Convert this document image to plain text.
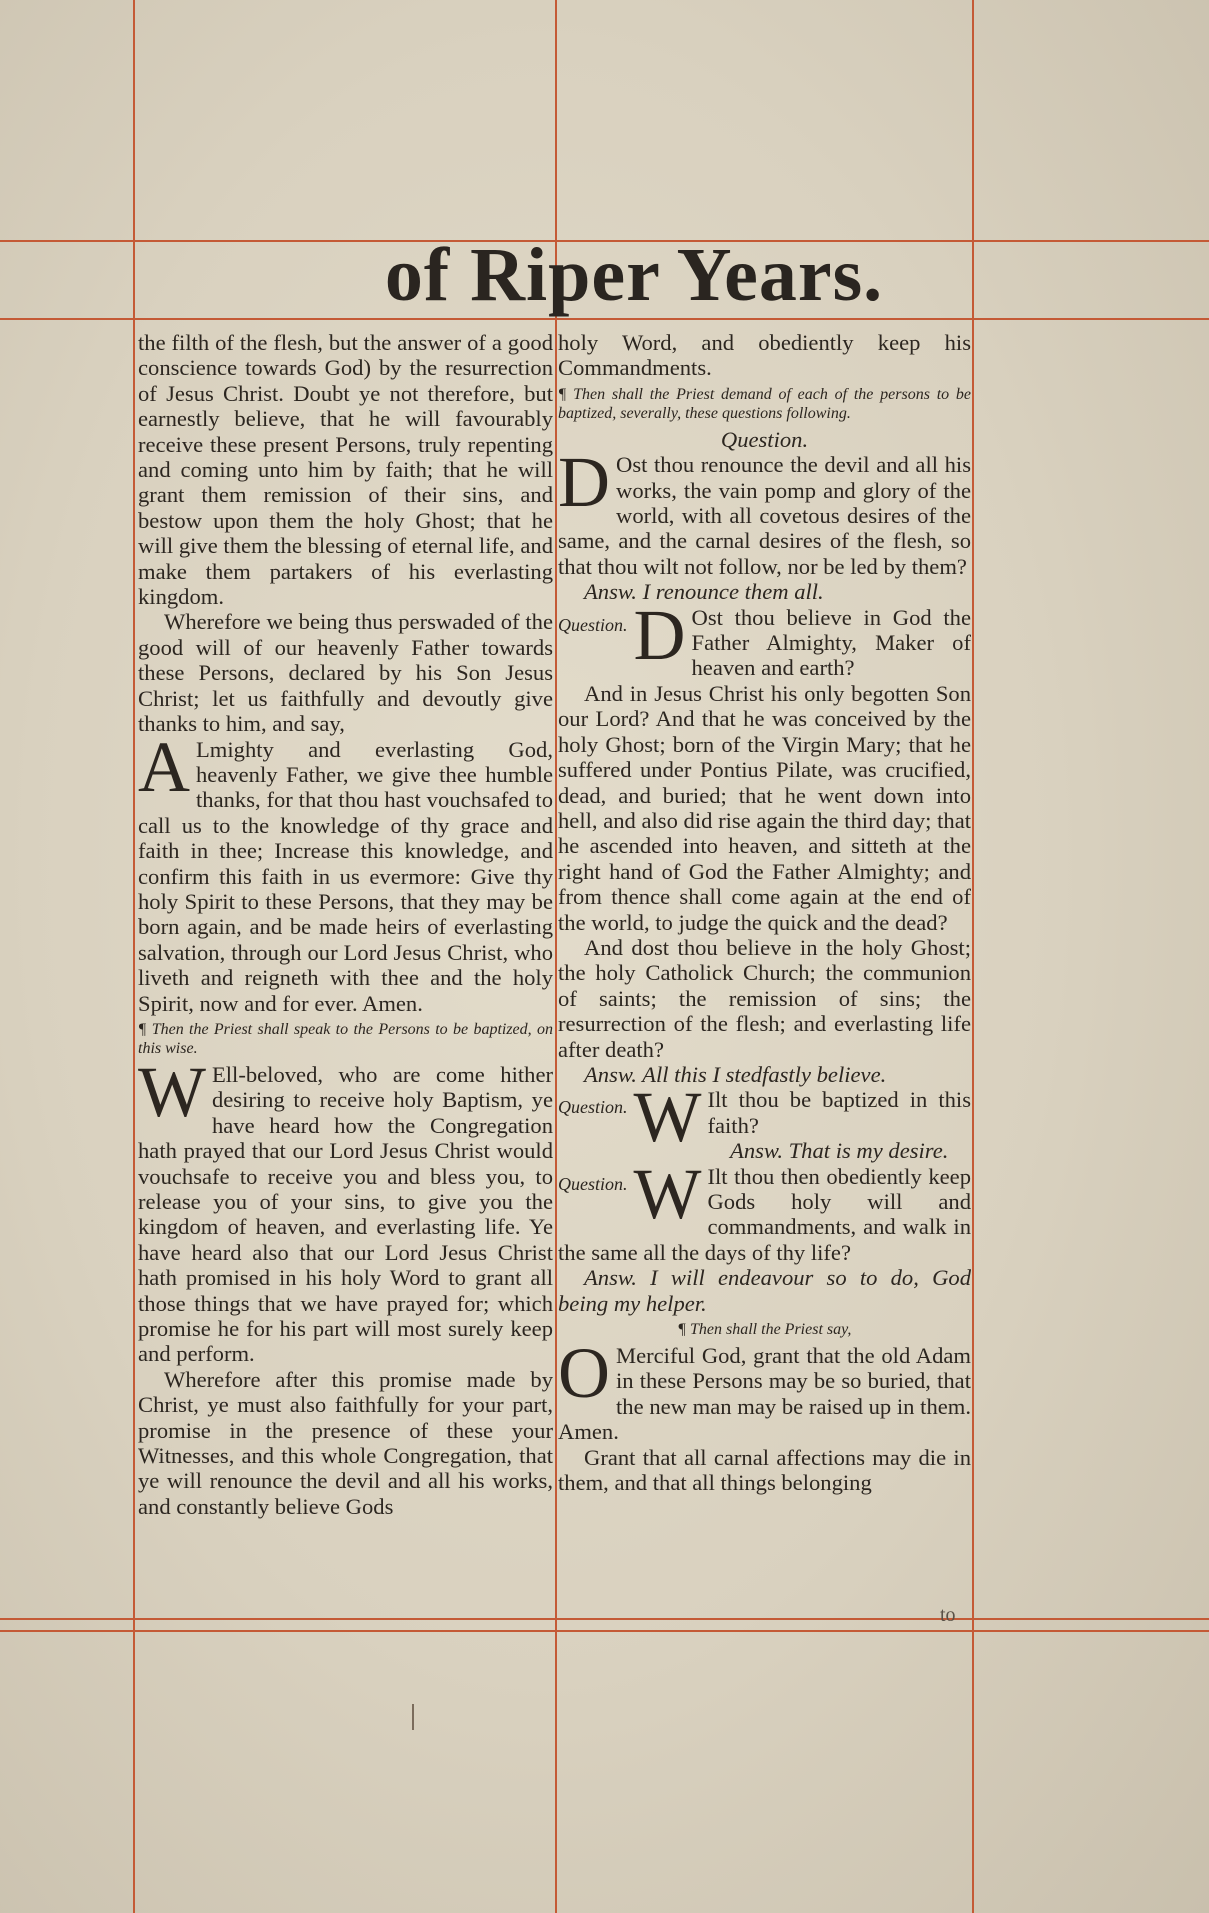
of Riper Years.

the filth of the flesh, but the answer of a good conscience towards God) by the resurrection of Jesus Christ. Doubt ye not therefore, but earnestly believe, that he will favourably receive these present Persons, truly repenting and coming unto him by faith; that he will grant them remission of their sins, and bestow upon them the holy Ghost; that he will give them the blessing of eternal life, and make them partakers of his everlasting kingdom.

Wherefore we being thus perswaded of the good will of our heavenly Father towards these Persons, declared by his Son Jesus Christ; let us faithfully and devoutly give thanks to him, and say,

A Lmighty and everlasting God, heavenly Father, we give thee humble thanks, for that thou hast vouchsafed to call us to the knowledge of thy grace and faith in thee; Increase this knowledge, and confirm this faith in us evermore: Give thy holy Spirit to these Persons, that they may be born again, and be made heirs of everlasting salvation, through our Lord Jesus Christ, who liveth and reigneth with thee and the holy Spirit, now and for ever. Amen.

¶ Then the Priest shall speak to the Persons to be baptized, on this wise.

W Ell-beloved, who are come hither desiring to receive holy Baptism, ye have heard how the Congregation hath prayed that our Lord Jesus Christ would vouchsafe to receive you and bless you, to release you of your sins, to give you the kingdom of heaven, and everlasting life. Ye have heard also that our Lord Jesus Christ hath promised in his holy Word to grant all those things that we have prayed for; which promise he for his part will most surely keep and perform.

Wherefore after this promise made by Christ, ye must also faithfully for your part, promise in the presence of these your Witnesses, and this whole Congregation, that ye will renounce the devil and all his works, and constantly believe Gods

holy Word, and obediently keep his Commandments.

¶ Then shall the Priest demand of each of the persons to be baptized, severally, these questions following.

Question.

D Ost thou renounce the devil and all his works, the vain pomp and glory of the world, with all covetous desires of the same, and the carnal desires of the flesh, so that thou wilt not follow, nor be led by them?

Answ. I renounce them all.

Question. D Ost thou believe in God the Father Almighty, Maker of heaven and earth?

And in Jesus Christ his only begotten Son our Lord? And that he was conceived by the holy Ghost; born of the Virgin Mary; that he suffered under Pontius Pilate, was crucified, dead, and buried; that he went down into hell, and also did rise again the third day; that he ascended into heaven, and sitteth at the right hand of God the Father Almighty; and from thence shall come again at the end of the world, to judge the quick and the dead?

And dost thou believe in the holy Ghost; the holy Catholick Church; the communion of saints; the remission of sins; the resurrection of the flesh; and everlasting life after death?

Answ. All this I stedfastly believe.

Question. W Ilt thou be baptized in this faith?

Answ. That is my desire.

Question. W Ilt thou then obediently keep Gods holy will and commandments, and walk in the same all the days of thy life?

Answ. I will endeavour so to do, God being my helper.

¶ Then shall the Priest say,

O Merciful God, grant that the old Adam in these Persons may be so buried, that the new man may be raised up in them. Amen.

Grant that all carnal affections may die in them, and that all things belonging

to
